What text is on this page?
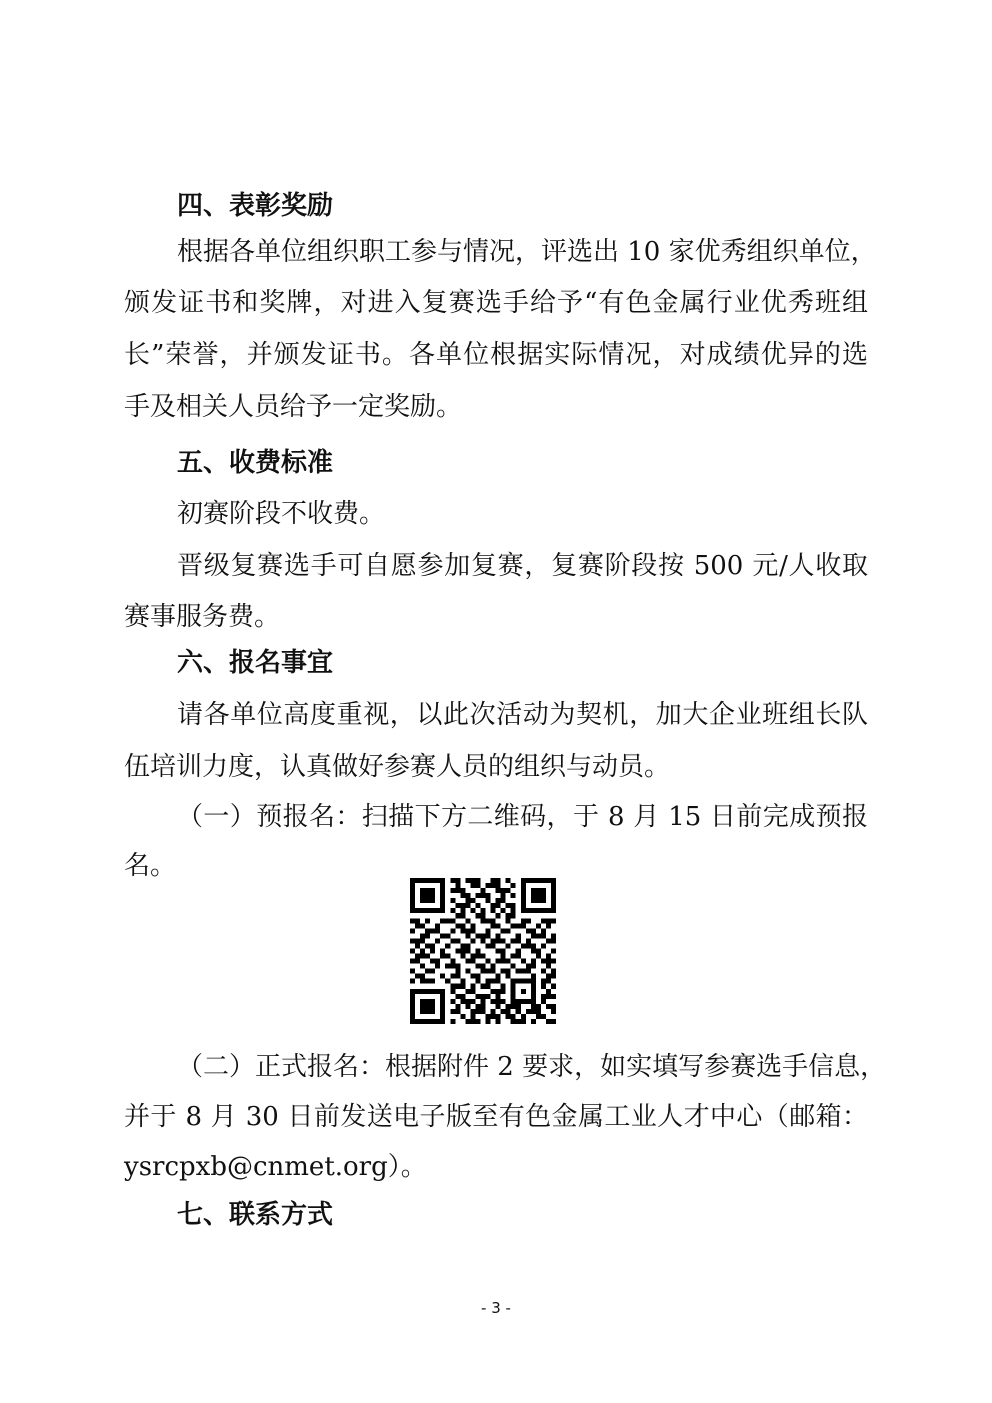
四、表彰奖励
根据各单位组织职工参与情况，评选出 10 家优秀组织单位，
颁发证书和奖牌，对进入复赛选手给予“有色金属行业优秀班组
长”荣誉，并颁发证书。各单位根据实际情况，对成绩优异的选
手及相关人员给予一定奖励。
五、收费标准
初赛阶段不收费。
晋级复赛选手可自愿参加复赛，复赛阶段按 500 元/人收取
赛事服务费。
六、报名事宜
请各单位高度重视，以此次活动为契机，加大企业班组长队
伍培训力度，认真做好参赛人员的组织与动员。
（一）预报名：扫描下方二维码，于 8 月 15 日前完成预报
名。
（二）正式报名：根据附件 2 要求，如实填写参赛选手信息，
并于 8 月 30 日前发送电子版至有色金属工业人才中心（邮箱：
ysrcpxb@cnmet.org）。
七、联系方式
- 3 -
